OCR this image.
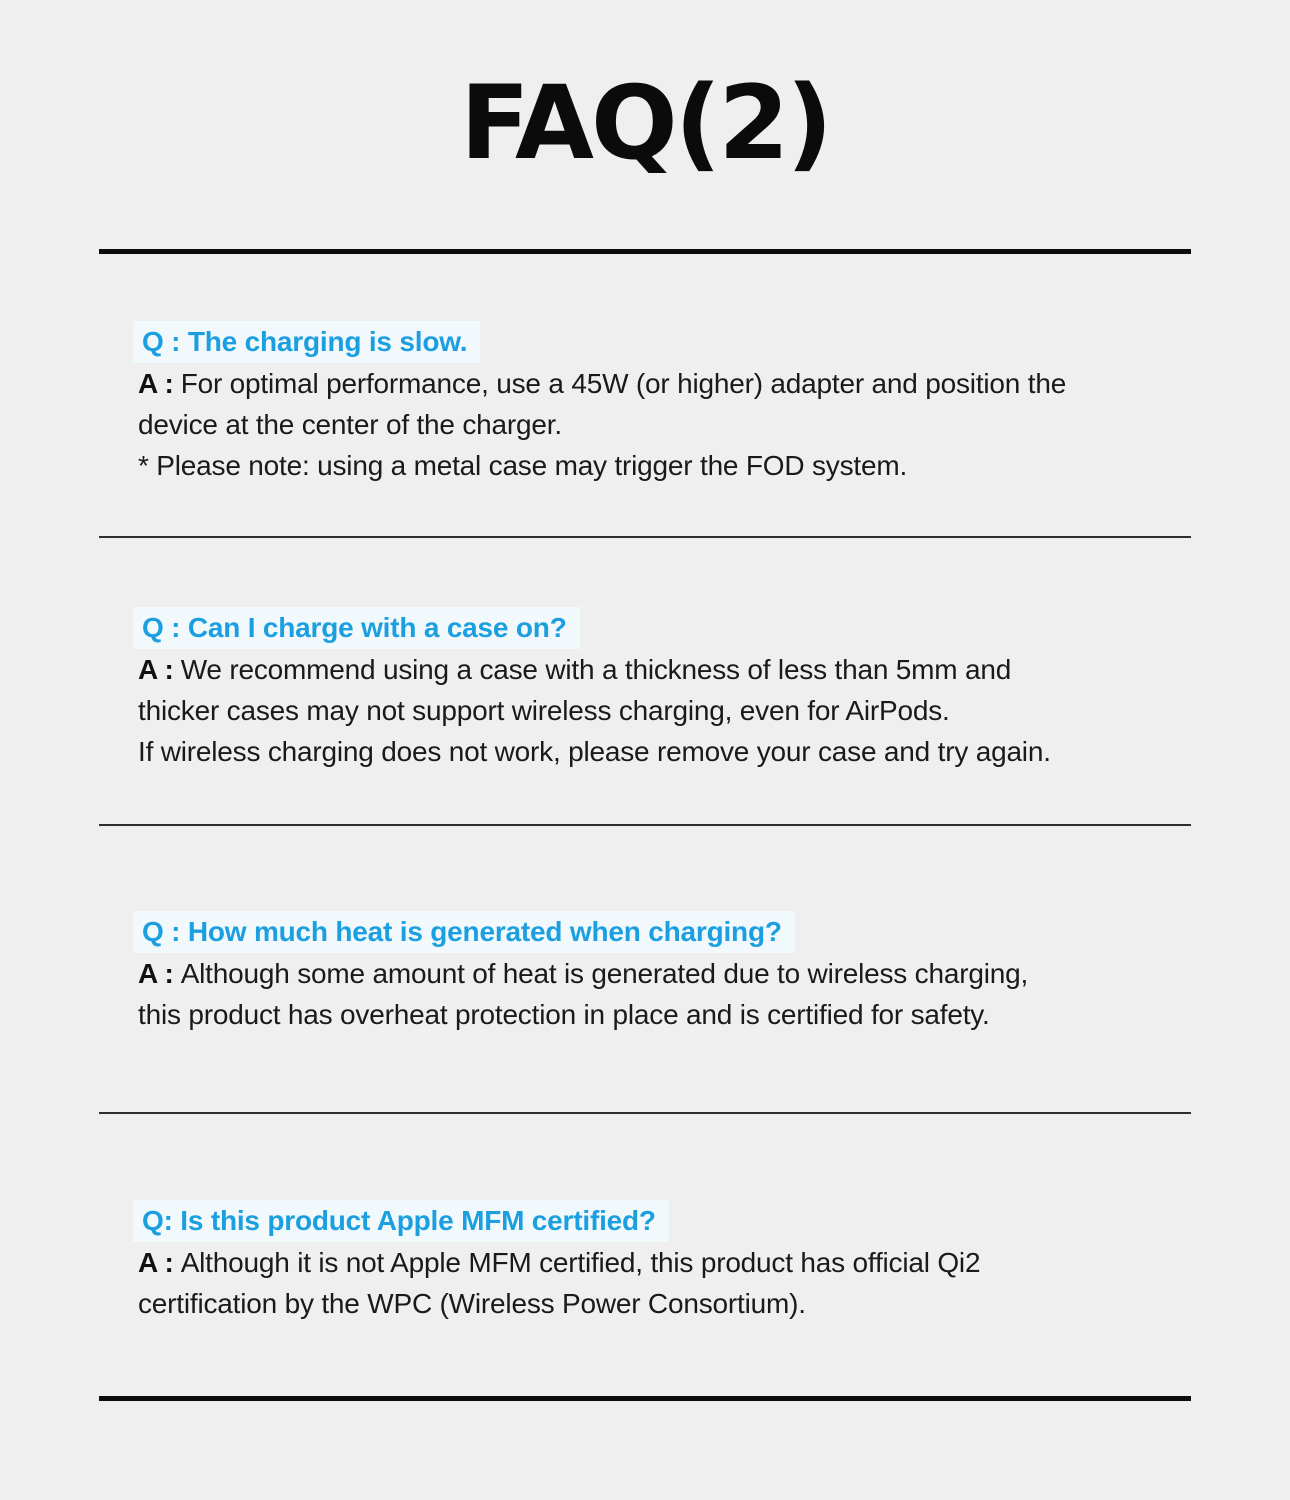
FAQ(2)
Q : The charging is slow.

A : For optimal performance, use a 45W (or higher) adapter and position the

device at the center of the charger.

* Please note: using a metal case may trigger the FOD system.

Q : Can I charge with a case on?

A : We recommend using a case with a thickness of less than 5mm and

thicker cases may not support wireless charging, even for AirPods.

If wireless charging does not work, please remove your case and try again.

Q : How much heat is generated when charging?

A : Although some amount of heat is generated due to wireless charging,

this product has overheat protection in place and is certified for safety.

Q: Is this product Apple MFM certified?

A : Although it is not Apple MFM certified, this product has official Qi2

certification by the WPC (Wireless Power Consortium).
